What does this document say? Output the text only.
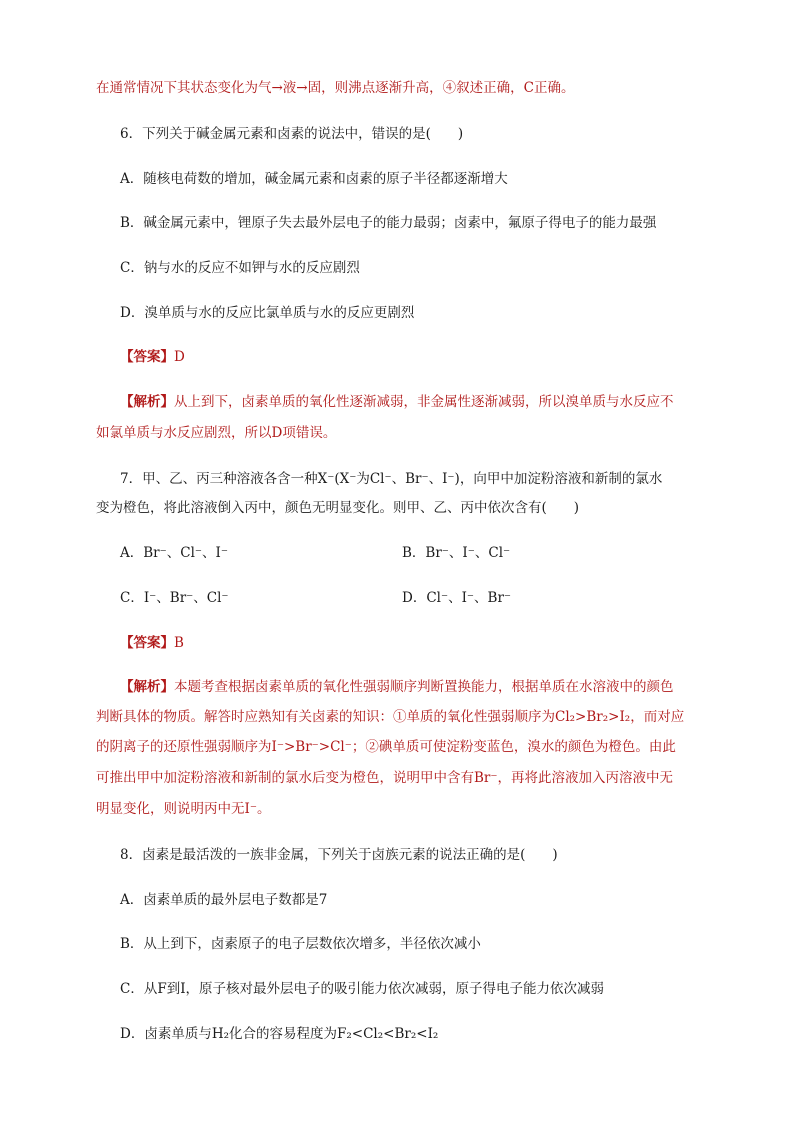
在通常情况下其状态变化为气→液→固，则沸点逐渐升高，④叙述正确，C正确。
6．下列关于碱金属元素和卤素的说法中，错误的是(　　)
A．随核电荷数的增加，碱金属元素和卤素的原子半径都逐渐增大
B．碱金属元素中，锂原子失去最外层电子的能力最弱；卤素中，氟原子得电子的能力最强
C．钠与水的反应不如钾与水的反应剧烈
D．溴单质与水的反应比氯单质与水的反应更剧烈
【答案】D
【解析】从上到下，卤素单质的氧化性逐渐减弱，非金属性逐渐减弱，所以溴单质与水反应不
如氯单质与水反应剧烈，所以D项错误。
7．甲、乙、丙三种溶液各含一种X⁻(X⁻为Cl⁻、Br⁻、I⁻)，向甲中加淀粉溶液和新制的氯水
变为橙色，将此溶液倒入丙中，颜色无明显变化。则甲、乙、丙中依次含有(　　)
A．Br⁻、Cl⁻、I⁻	B．Br⁻、I⁻、Cl⁻
C．I⁻、Br⁻、Cl⁻	D．Cl⁻、I⁻、Br⁻
【答案】B
【解析】本题考查根据卤素单质的氧化性强弱顺序判断置换能力，根据单质在水溶液中的颜色
判断具体的物质。解答时应熟知有关卤素的知识：①单质的氧化性强弱顺序为Cl₂>Br₂>I₂，而对应
的阴离子的还原性强弱顺序为I⁻>Br⁻>Cl⁻；②碘单质可使淀粉变蓝色，溴水的颜色为橙色。由此
可推出甲中加淀粉溶液和新制的氯水后变为橙色，说明甲中含有Br⁻，再将此溶液加入丙溶液中无
明显变化，则说明丙中无I⁻。
8．卤素是最活泼的一族非金属，下列关于卤族元素的说法正确的是(　　)
A．卤素单质的最外层电子数都是7
B．从上到下，卤素原子的电子层数依次增多，半径依次减小
C．从F到I，原子核对最外层电子的吸引能力依次减弱，原子得电子能力依次减弱
D．卤素单质与H₂化合的容易程度为F₂<Cl₂<Br₂<I₂
